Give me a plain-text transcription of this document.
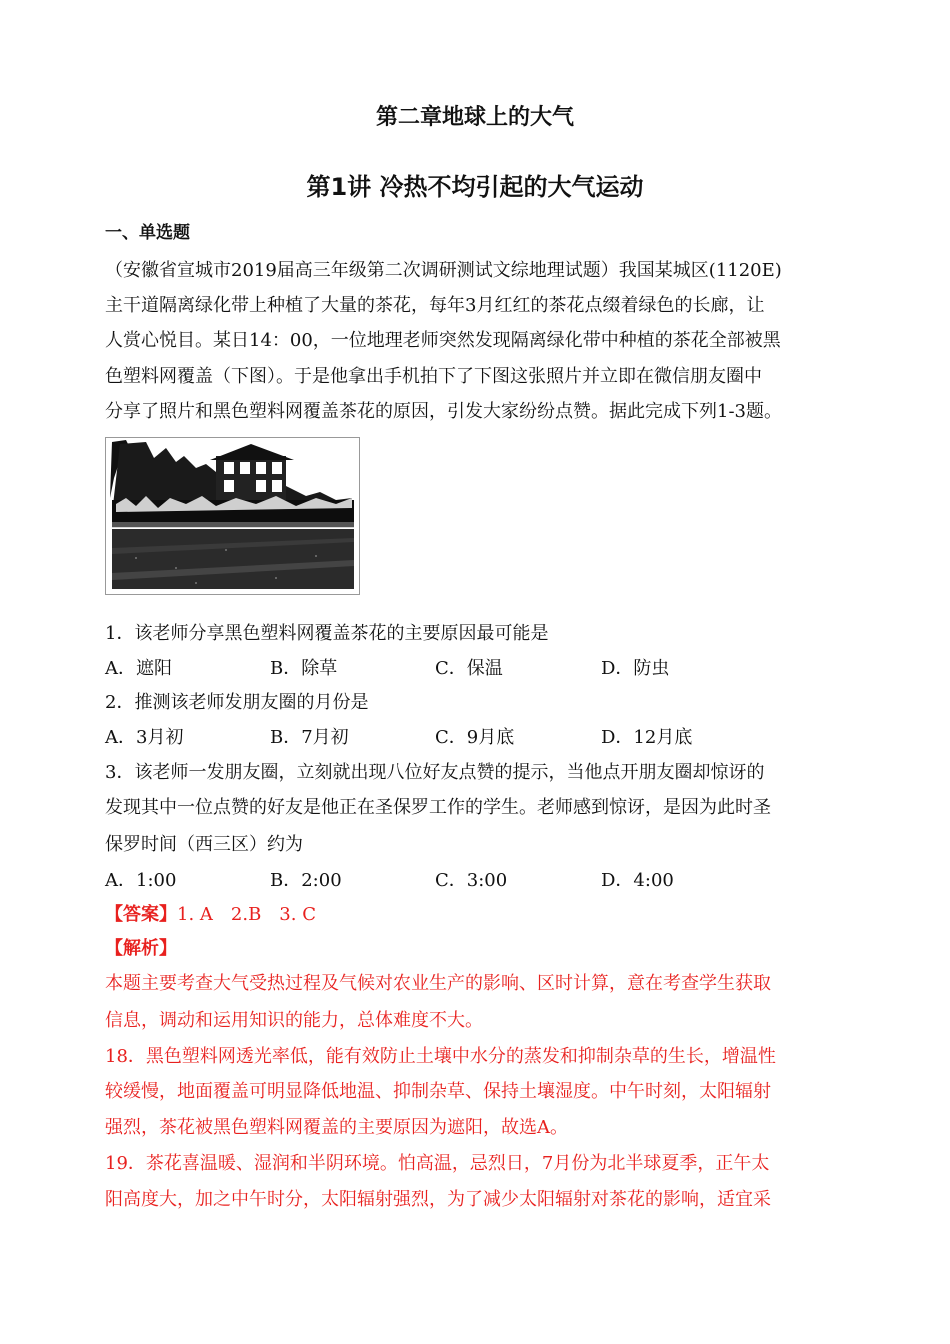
第二章地球上的大气
第1讲 冷热不均引起的大气运动
一、单选题
（安徽省宣城市2019届高三年级第二次调研测试文综地理试题）我国某城区(1120E)
主干道隔离绿化带上种植了大量的茶花，每年3月红红的茶花点缀着绿色的长廊，让
人赏心悦目。某日14：00，一位地理老师突然发现隔离绿化带中种植的茶花全部被黑
色塑料网覆盖（下图）。于是他拿出手机拍下了下图这张照片并立即在微信朋友圈中
分享了照片和黑色塑料网覆盖茶花的原因，引发大家纷纷点赞。据此完成下列1-3题。
1．该老师分享黑色塑料网覆盖茶花的主要原因最可能是
A．遮阳	B．除草	C．保温	D．防虫
2．推测该老师发朋友圈的月份是
A．3月初	B．7月初	C．9月底	D．12月底
3．该老师一发朋友圈，立刻就出现八位好友点赞的提示，当他点开朋友圈却惊讶的
发现其中一位点赞的好友是他正在圣保罗工作的学生。老师感到惊讶，是因为此时圣
保罗时间（西三区）约为
A．1:00	B．2:00	C．3:00	D．4:00
【答案】1. A　2.B　3. C
【解析】
本题主要考查大气受热过程及气候对农业生产的影响、区时计算，意在考查学生获取
信息，调动和运用知识的能力，总体难度不大。
18．黑色塑料网透光率低，能有效防止土壤中水分的蒸发和抑制杂草的生长，增温性
较缓慢，地面覆盖可明显降低地温、抑制杂草、保持土壤湿度。中午时刻，太阳辐射
强烈，茶花被黑色塑料网覆盖的主要原因为遮阳，故选A。
19．茶花喜温暖、湿润和半阴环境。怕高温，忌烈日，7月份为北半球夏季，正午太
阳高度大，加之中午时分，太阳辐射强烈，为了减少太阳辐射对茶花的影响，适宜采
